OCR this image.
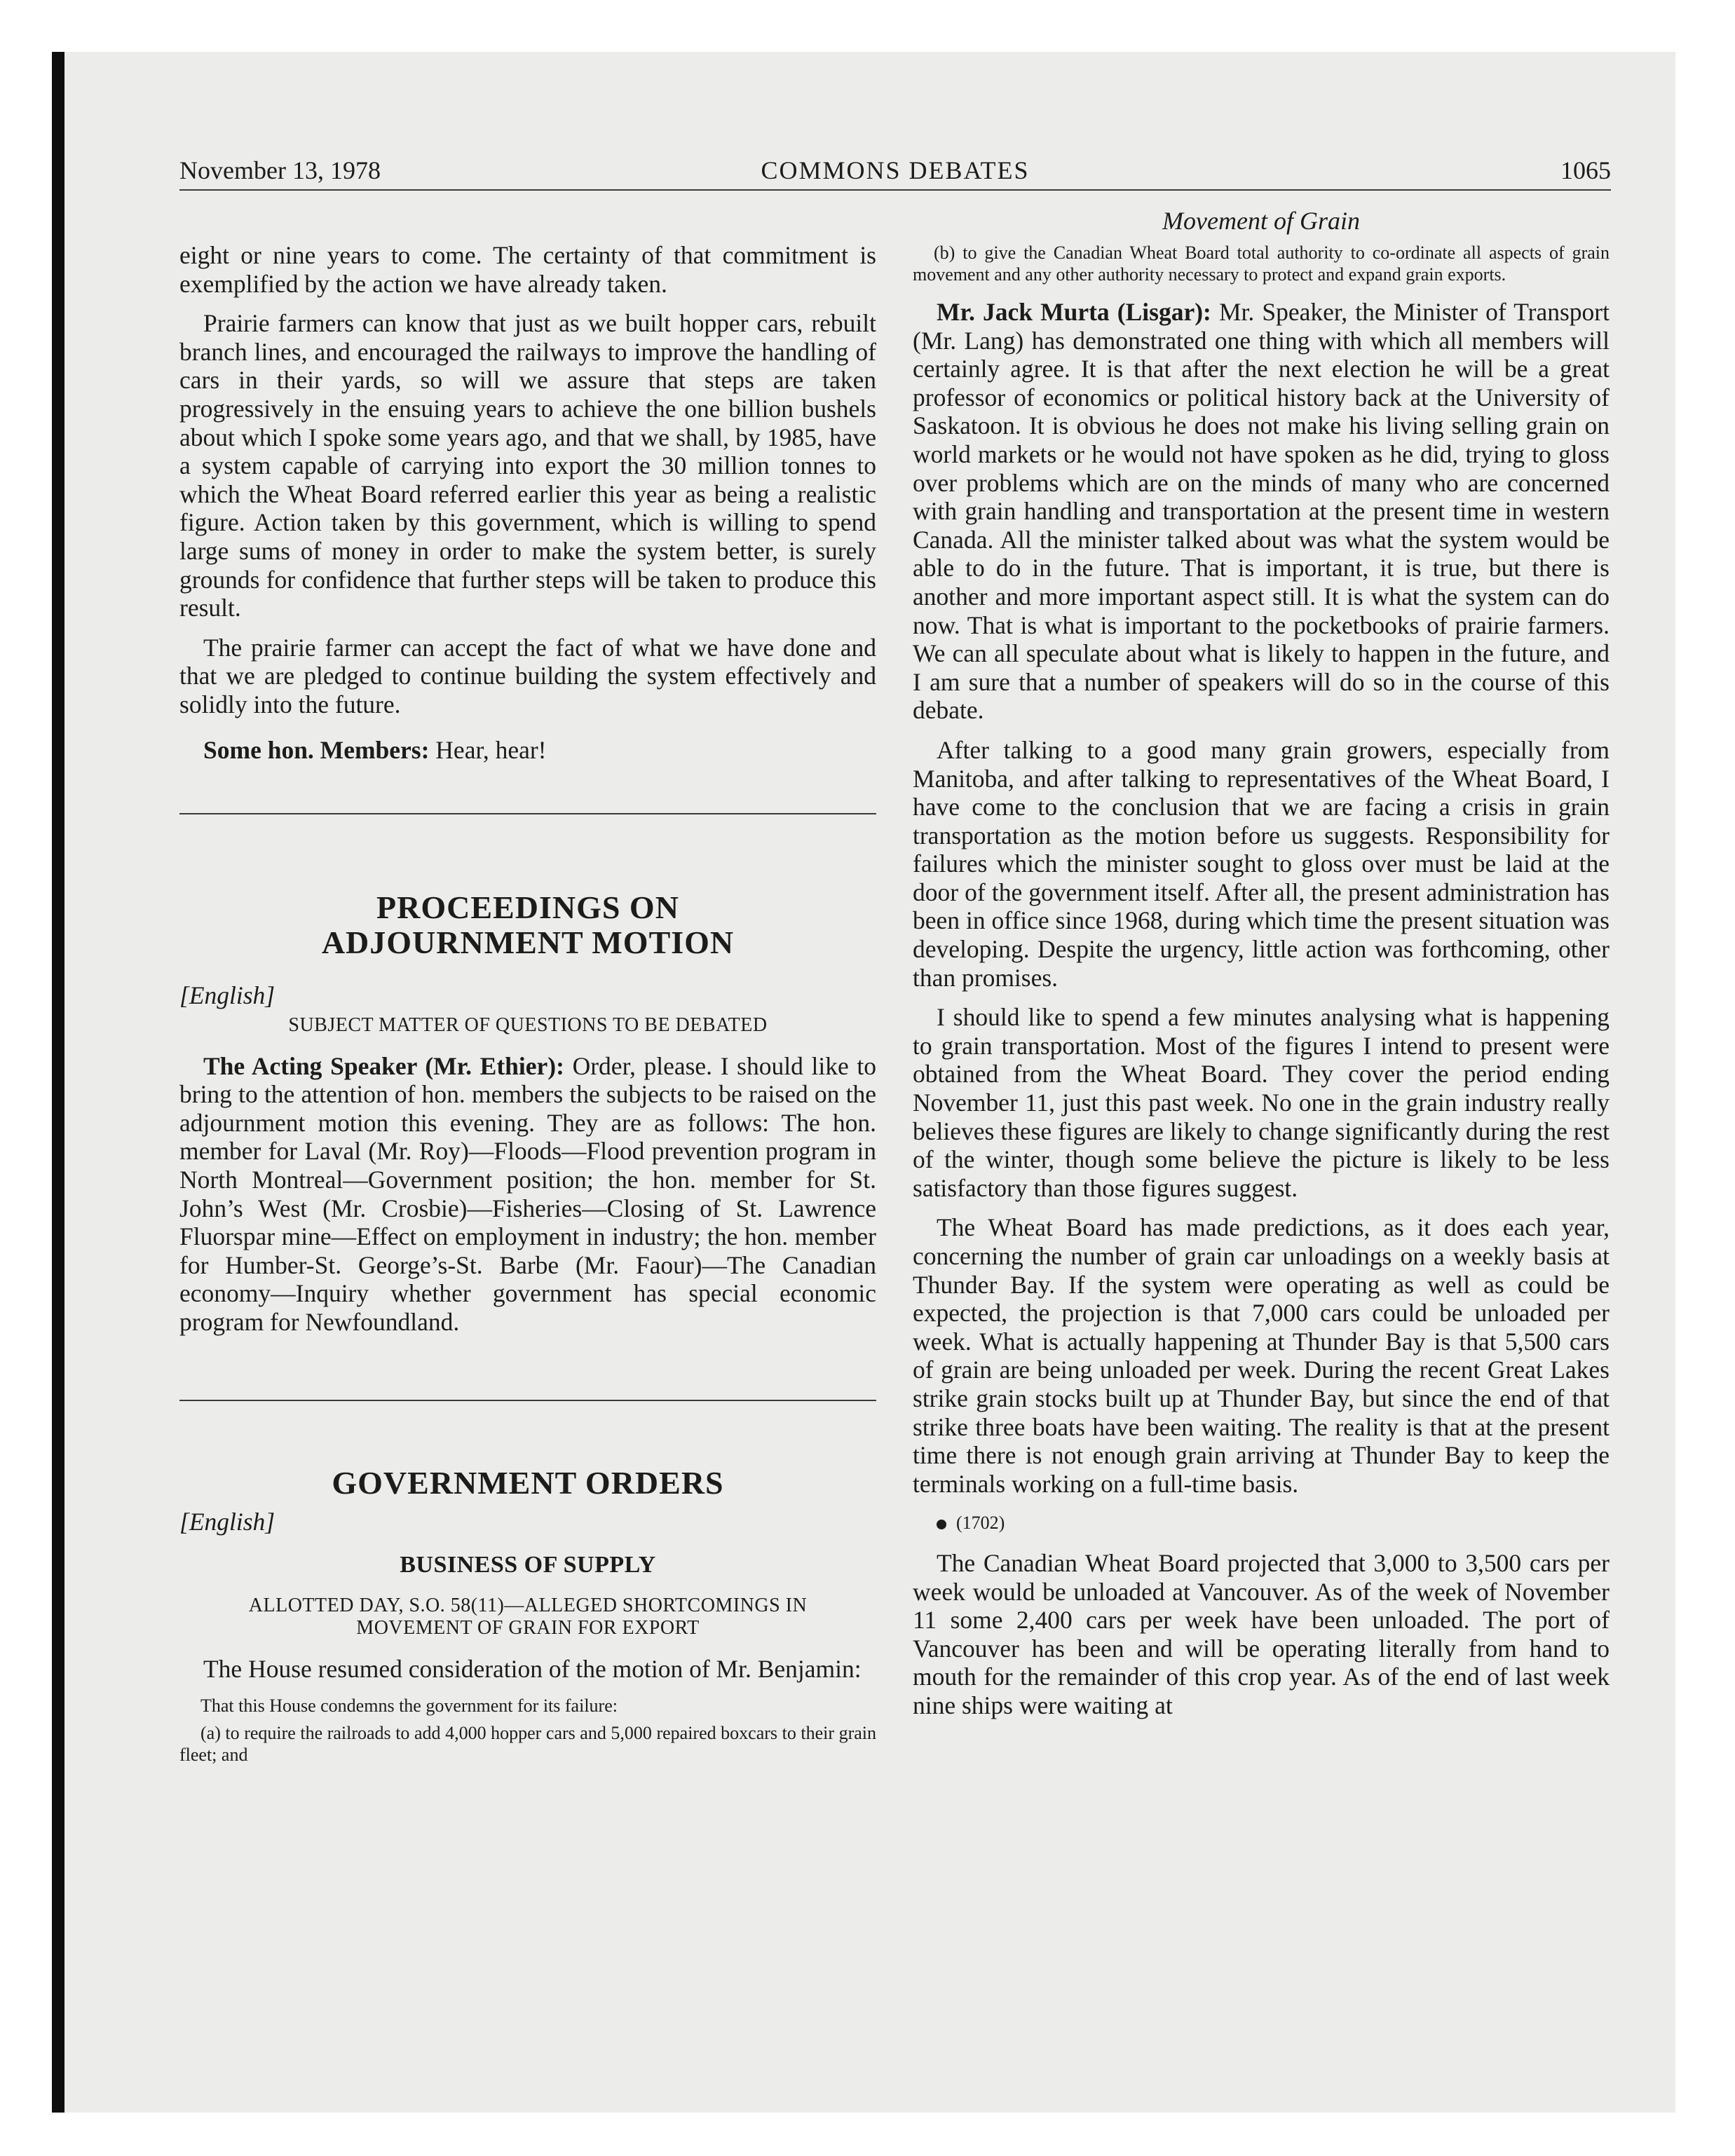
November 13, 1978	COMMONS DEBATES	1065

eight or nine years to come. The certainty of that commitment is exemplified by the action we have already taken.

Prairie farmers can know that just as we built hopper cars, rebuilt branch lines, and encouraged the railways to improve the handling of cars in their yards, so will we assure that steps are taken progressively in the ensuing years to achieve the one billion bushels about which I spoke some years ago, and that we shall, by 1985, have a system capable of carrying into export the 30 million tonnes to which the Wheat Board referred earlier this year as being a realistic figure. Action taken by this government, which is willing to spend large sums of money in order to make the system better, is surely grounds for confidence that further steps will be taken to produce this result.

The prairie farmer can accept the fact of what we have done and that we are pledged to continue building the system effectively and solidly into the future.

Some hon. Members: Hear, hear!

PROCEEDINGS ON ADJOURNMENT MOTION
[English]
SUBJECT MATTER OF QUESTIONS TO BE DEBATED

The Acting Speaker (Mr. Ethier): Order, please. I should like to bring to the attention of hon. members the subjects to be raised on the adjournment motion this evening. They are as follows: The hon. member for Laval (Mr. Roy)—Floods—Flood prevention program in North Montreal—Government position; the hon. member for St. John’s West (Mr. Crosbie)—Fisheries—Closing of St. Lawrence Fluorspar mine—Effect on employment in industry; the hon. member for Humber-St. George’s-St. Barbe (Mr. Faour)—The Canadian economy—Inquiry whether government has special economic program for Newfoundland.

GOVERNMENT ORDERS
[English]
BUSINESS OF SUPPLY
ALLOTTED DAY, S.O. 58(11)—ALLEGED SHORTCOMINGS IN MOVEMENT OF GRAIN FOR EXPORT

The House resumed consideration of the motion of Mr. Benjamin:

That this House condemns the government for its failure:

(a) to require the railroads to add 4,000 hopper cars and 5,000 repaired boxcars to their grain fleet; and

Movement of Grain

(b) to give the Canadian Wheat Board total authority to co-ordinate all aspects of grain movement and any other authority necessary to protect and expand grain exports.

Mr. Jack Murta (Lisgar): Mr. Speaker, the Minister of Transport (Mr. Lang) has demonstrated one thing with which all members will certainly agree. It is that after the next election he will be a great professor of economics or political history back at the University of Saskatoon. It is obvious he does not make his living selling grain on world markets or he would not have spoken as he did, trying to gloss over problems which are on the minds of many who are concerned with grain handling and transportation at the present time in western Canada. All the minister talked about was what the system would be able to do in the future. That is important, it is true, but there is another and more important aspect still. It is what the system can do now. That is what is important to the pocketbooks of prairie farmers. We can all speculate about what is likely to happen in the future, and I am sure that a number of speakers will do so in the course of this debate.

After talking to a good many grain growers, especially from Manitoba, and after talking to representatives of the Wheat Board, I have come to the conclusion that we are facing a crisis in grain transportation as the motion before us suggests. Responsibility for failures which the minister sought to gloss over must be laid at the door of the government itself. After all, the present administration has been in office since 1968, during which time the present situation was developing. Despite the urgency, little action was forthcoming, other than promises.

I should like to spend a few minutes analysing what is happening to grain transportation. Most of the figures I intend to present were obtained from the Wheat Board. They cover the period ending November 11, just this past week. No one in the grain industry really believes these figures are likely to change significantly during the rest of the winter, though some believe the picture is likely to be less satisfactory than those figures suggest.

The Wheat Board has made predictions, as it does each year, concerning the number of grain car unloadings on a weekly basis at Thunder Bay. If the system were operating as well as could be expected, the projection is that 7,000 cars could be unloaded per week. What is actually happening at Thunder Bay is that 5,500 cars of grain are being unloaded per week. During the recent Great Lakes strike grain stocks built up at Thunder Bay, but since the end of that strike three boats have been waiting. The reality is that at the present time there is not enough grain arriving at Thunder Bay to keep the terminals working on a full-time basis.

(1702)

The Canadian Wheat Board projected that 3,000 to 3,500 cars per week would be unloaded at Vancouver. As of the week of November 11 some 2,400 cars per week have been unloaded. The port of Vancouver has been and will be operating literally from hand to mouth for the remainder of this crop year. As of the end of last week nine ships were waiting at
